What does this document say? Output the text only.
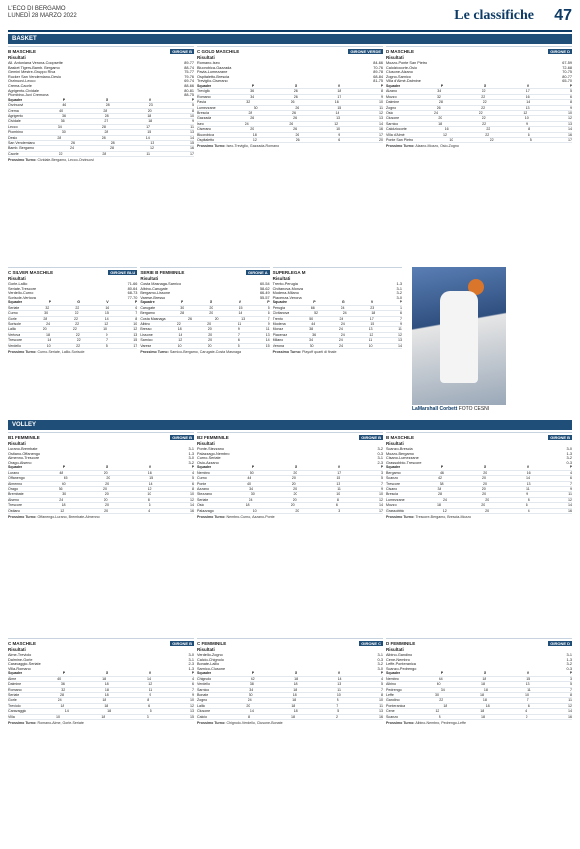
L'ECO DI BERGAMO
LUNEDÌ 28 MARZO 2022	Le classifiche 47
BASKET
B MASCHILE	GIRONE B
Risultati
All. Antoniana Verona-Coopsette	89-77
Basket Tigers-Bamb. Bergamo	88-74
Gemini Mestre-Gruppo Riva	75-77
Rucker San Vendemiano-Desio	79-76
Orzinuovi-Lecco	69-74
Crema-Caorle	88-66
Agrigento-Cividale	80-81
Piombino-Juvi Cremona	88-75
Squadre	P	G	V	P
Orzinuovi	46	28	23	5
Crema	40	28	20	8
Agrigento	36	28	18	10
Cividale	36	27	18	9
Lecco	34	28	17	11
Piombino	30	28	15	13
Desio	28	28	14	14
San Vendemiano	26	28	13	15
Bamb. Bergamo	24	28	12	16
Caorle	22	28	11	17
Prossimo Turno: Cividale-Bergamo, Lecco-Orzinuovi
C GOLD MASCHILE	GIRONE VERDE
Risultati
Romano-Iseo	84-66
Bluorobica-Gazzada	70-76
Pavia-Lumezzane	89-78
Ospitaletto-Brescia	68-84
Treviglio-Ciserano	81-75
Squadre	P	G	V	P
Treviglio	36	26	18	8
Romano	34	26	17	9
Pavia	32	26	16	10
Lumezzane	30	26	15	11
Brescia	28	26	14	12
Gazzada	26	26	13	13
Iseo	24	26	12	14
Ciserano	20	26	10	16
Bluorobica	18	26	9	17
Ospitaletto	12	26	6	20
Prossimo Turno: Iseo-Treviglio, Gazzada-Romano
D MASCHILE	GIRONE D
Risultati
Mozzo-Ponte San Pietro	67-59
Calolziocorte-Osio	72-68
Clusone-Alzano	70-75
Zogno-Sarnico	80-77
Villa d'Almè-Dalmine	65-70
Squadre	P	G	V	P
Alzano	34	22	17	5
Mozzo	32	22	16	6
Dalmine	28	22	14	8
Zogno	26	22	13	9
Osio	24	22	12	10
Clusone	20	22	10	12
Sarnico	18	22	9	13
Calolziocorte	16	22	8	14
Villa d'Almè	12	22	6	16
Ponte San Pietro	10	22	5	17
Prossimo Turno: Alzano-Mozzo, Osio-Zogno
C SILVER MASCHILE	GIRONE BLU
Risultati
Gorle-Lallio	71-66
Seriate-Trescore	80-64
Verdello-Curno	68-73
Sorisole-Vertova	77-70
Squadre	P	G	V	P
Seriate	32	22	16	6
Curno	30	22	15	7
Gorle	28	22	14	8
Sorisole	24	22	12	10
Lallio	20	22	10	12
Vertova	18	22	9	13
Trescore	14	22	7	15
Verdello	10	22	5	17
Prossimo Turno: Curno-Seriate, Lallio-Sorisole
SERIE B FEMMINILE	GIRONE A
Risultati
Costa Masnaga-Sarnico	60-54
Albino-Carugate	58-62
Bergamo-Lissone	66-49
Varese-Bresso	55-57
Squadre	P	G	V	P
Carugate	30	20	15	5
Bergamo	28	20	14	6
Costa Masnaga	26	20	13	7
Albino	22	20	11	9
Bresso	18	20	9	11
Lissone	14	20	7	13
Sarnico	12	20	6	14
Varese	10	20	5	15
Prossimo Turno: Sarnico-Bergamo, Carugate-Costa Masnaga
SUPERLEGA M
Risultati
Trento-Perugia	1-3
Civitanova-Monza	3-1
Modena-Milano	3-2
Piacenza-Verona	3-0
Squadre	P	G	V	P
Perugia	66	24	23	1
Civitanova	52	24	18	6
Trento	50	24	17	7
Modena	44	24	15	9
Monza	38	24	13	11
Piacenza	36	24	12	12
Milano	34	24	11	13
Verona	30	24	10	14
Prossimo Turno: Playoff quarti di finale
LaMarshall Corbett FOTO CESNI
VOLLEY
B1 FEMMINILE	GIRONE B
Risultati
Lurano-Brembate	3-1
Ostiano-Offanengo	1-3
Almenno-Trescore	3-0
Orago-Alseno	3-2
Squadre	P	G	V	P
Lurano	48	20	16	4
Offanengo	45	20	15	5
Almenno	40	20	14	6
Orago	36	20	12	8
Brembate	30	20	10	10
Alseno	24	20	8	12
Trescore	18	20	6	14
Ostiano	12	20	4	16
Prossimo Turno: Offanengo-Lurano, Brembate-Almenno
B2 FEMMINILE	GIRONE B
Risultati
Ponte-Stezzano	3-2
Palazzago-Nembro	0-3
Curno-Seriate	3-1
Osio-Azzano	2-3
Squadre	P	G	V	P
Nembro	50	20	17	3
Curno	44	20	15	5
Ponte	40	20	13	7
Azzano	34	20	11	9
Stezzano	30	20	10	10
Seriate	24	20	8	12
Osio	18	20	6	14
Palazzago	10	20	3	17
Prossimo Turno: Nembro-Curno, Azzano-Ponte
B MASCHILE	GIRONE B
Risultati
Scanzo-Brescia	3-0
Mozzo-Bergamo	1-3
Cisano-Lumezzane	3-2
Grassobbio-Trescore	0-3
Squadre	P	G	V	P
Bergamo	46	20	16	4
Scanzo	42	20	14	6
Trescore	38	20	13	7
Cisano	34	20	11	9
Brescia	28	20	9	11
Lumezzane	24	20	8	12
Mozzo	18	20	6	14
Grassobbio	12	20	4	16
Prossimo Turno: Trescore-Bergamo, Brescia-Mozzo
C MASCHILE	GIRONE B
Risultati
Alme-Treviolo	3-0
Dalmine-Gorle	3-1
Caravaggio-Seriate	2-3
Villa-Romano	1-3
Squadre	P	G	V	P
Alme	40	18	14	4
Dalmine	36	18	12	6
Romano	32	18	11	7
Seriate	28	18	9	9
Gorle	24	18	8	10
Treviolo	18	18	6	12
Caravaggio	14	18	5	13
Villa	10	18	3	15
Prossimo Turno: Romano-Alme, Gorle-Seriate
C FEMMINILE	GIRONE C
Risultati
Verdello-Zogno	3-1
Calcio-Chignolo	0-3
Bonate-Lallio	3-2
Sarnico-Clusone	3-0
Squadre	P	G	V	P
Chignolo	42	18	14	4
Verdello	38	18	13	5
Sarnico	34	18	11	7
Bonate	30	18	10	8
Zogno	24	18	8	10
Lallio	20	18	7	11
Clusone	14	18	5	13
Calcio	8	18	2	16
Prossimo Turno: Chignolo-Verdello, Clusone-Bonate
D FEMMINILE	GIRONE D
Risultati
Albino-Gandino	3-1
Cene-Nembro	1-3
Leffe-Ponteranica	3-2
Scanzo-Pedrengo	0-3
Squadre	P	G	V	P
Nembro	44	18	15	3
Albino	40	18	13	5
Pedrengo	34	18	11	7
Leffe	30	18	10	8
Gandino	22	18	7	11
Ponteranica	18	18	6	12
Cene	12	18	4	14
Scanzo	8	18	2	16
Prossimo Turno: Albino-Nembro, Pedrengo-Leffe
